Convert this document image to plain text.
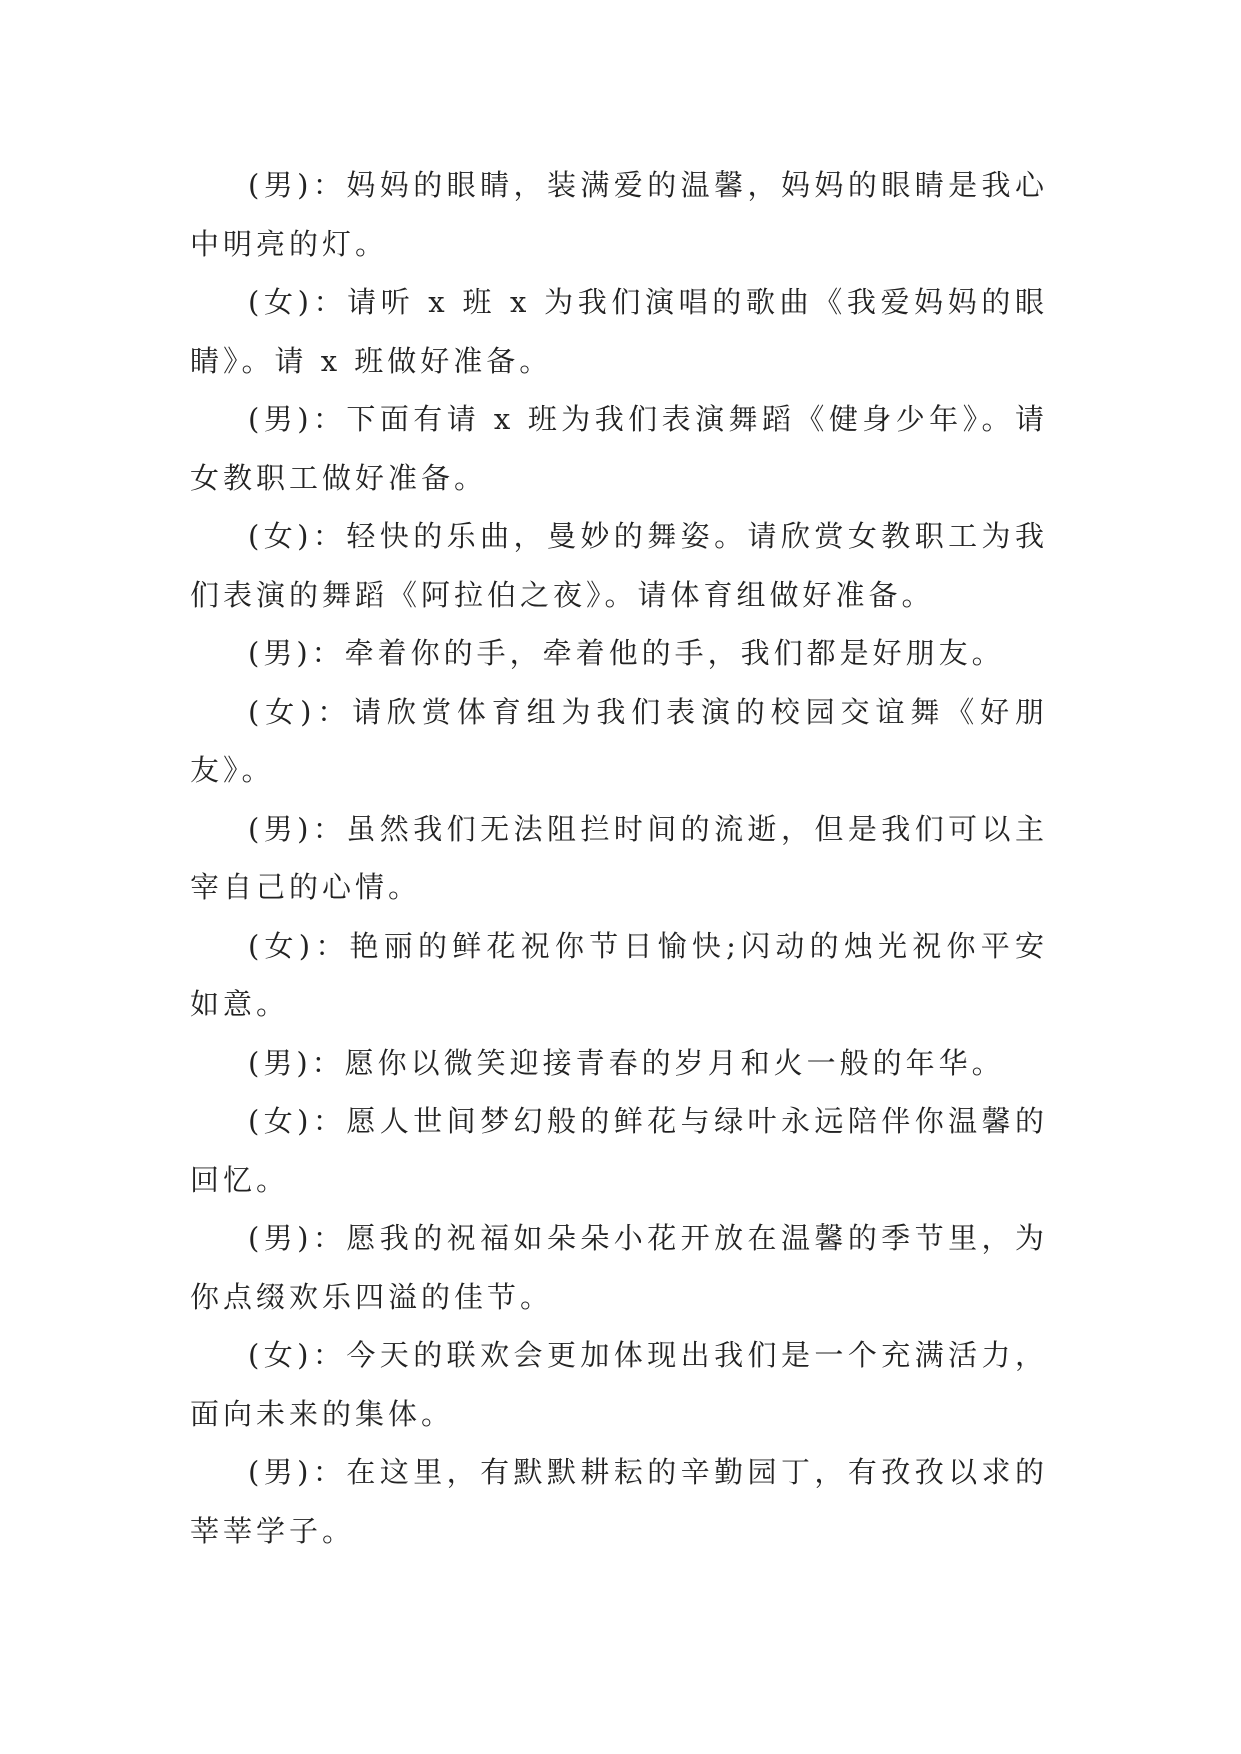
(男)：妈妈的眼睛，装满爱的温馨，妈妈的眼睛是我心中明亮的灯。

(女)：请听 x 班 x 为我们演唱的歌曲《我爱妈妈的眼睛》。请 x 班做好准备。

(男)：下面有请 x 班为我们表演舞蹈《健身少年》。请女教职工做好准备。

(女)：轻快的乐曲，曼妙的舞姿。请欣赏女教职工为我们表演的舞蹈《阿拉伯之夜》。请体育组做好准备。

(男)：牵着你的手，牵着他的手，我们都是好朋友。

(女)：请欣赏体育组为我们表演的校园交谊舞《好朋友》。

(男)：虽然我们无法阻拦时间的流逝，但是我们可以主宰自己的心情。

(女)：艳丽的鲜花祝你节日愉快;闪动的烛光祝你平安如意。

(男)：愿你以微笑迎接青春的岁月和火一般的年华。

(女)：愿人世间梦幻般的鲜花与绿叶永远陪伴你温馨的回忆。

(男)：愿我的祝福如朵朵小花开放在温馨的季节里，为你点缀欢乐四溢的佳节。

(女)：今天的联欢会更加体现出我们是一个充满活力，面向未来的集体。

(男)：在这里，有默默耕耘的辛勤园丁，有孜孜以求的莘莘学子。
